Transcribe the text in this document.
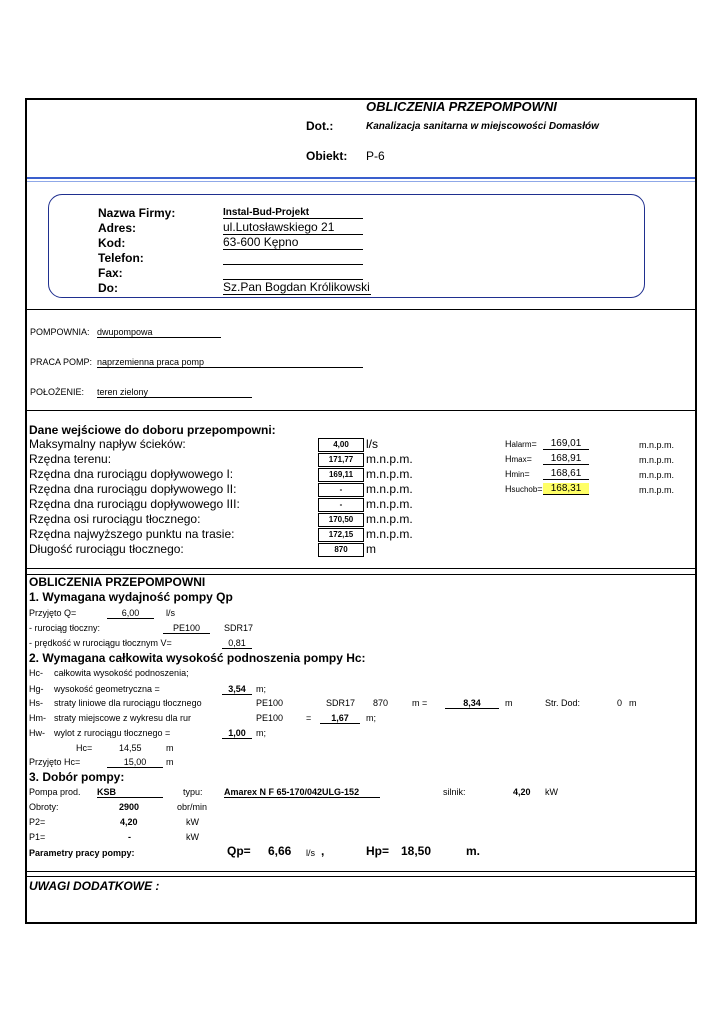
OBLICZENIA PRZEPOMPOWNI
Dot.:	Kanalizacja sanitarna w miejscowości Domasłów
Obiekt: P-6
Nazwa Firmy:	Instal-Bud-Projekt
Adres:	ul.Lutosławskiego 21
Kod:	63-600 Kępno
Telefon:
Fax:
Do:	Sz.Pan Bogdan Królikowski
POMPOWNIA: dwupompowa
PRACA POMP: naprzemienna praca pomp
POŁOŻENIE: teren zielony
Dane wejściowe do doboru przepompowni:
Maksymalny napływ ścieków:	4,00	l/s
Rzędna terenu:	171,77	m.n.p.m.
Rzędna dna rurociągu dopływowego I:	169,11	m.n.p.m.
Rzędna dna rurociągu dopływowego II:	-	m.n.p.m.
Rzędna dna rurociągu dopływowego III:	-	m.n.p.m.
Rzędna osi rurociągu tłocznego:	170,50	m.n.p.m.
Rzędna najwyższego punktu na trasie:	172,15	m.n.p.m.
Długość rurociągu tłocznego:	870	m
Halarm=	169,01	m.n.p.m.
Hmax=	168,91	m.n.p.m.
Hmin=	168,61	m.n.p.m.
Hsuchob= 168,31	m.n.p.m.
OBLICZENIA PRZEPOMPOWNI
1. Wymagana wydajność pompy Qp
Przyjęto Q=	6,00	l/s
- rurociąg tłoczny:	PE100	SDR17
- prędkość w rurociągu tłocznym V=	0,81
2. Wymagana całkowita wysokość podnoszenia pompy Hc:
Hc- całkowita wysokość podnoszenia;
Hg- wysokość geometryczna =	3,54	m;
Hs- straty liniowe dla rurociągu tłocznego	PE100	SDR17 870	m =	8,34	m	Str. Dod:	0 m
Hm- straty miejscowe z wykresu dla rur	PE100	=	1,67	m;
Hw- wylot z rurociągu tłocznego =	1,00	m;
Hc=	14,55	m
Przyjęto Hc=	15,00	m
3. Dobór pompy:
Pompa prod. KSB	typu: Amarex N F 65-170/042ULG-152	silnik:	4,20 kW
Obroty:	2900	obr/min
P2=	4,20	kW
P1=	-	kW
Parametry pracy pompy:	Qp= 6,66 l/s ,	Hp= 18,50	m.
UWAGI DODATKOWE :
